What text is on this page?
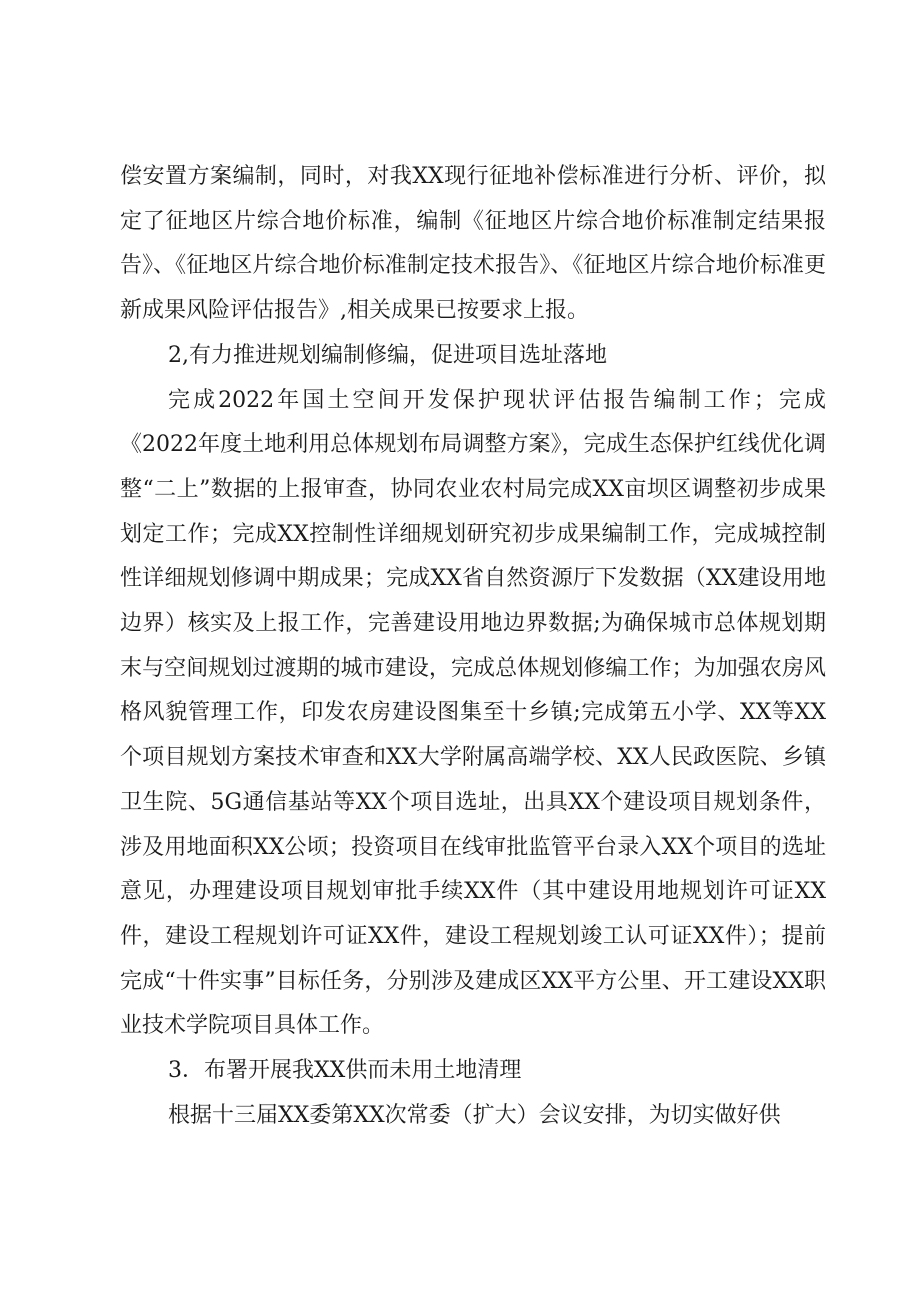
偿安置方案编制，同时，对我XX现行征地补偿标准进行分析、评价，拟定了征地区片综合地价标准，编制《征地区片综合地价标准制定结果报告》、《征地区片综合地价标准制定技术报告》、《征地区片综合地价标准更新成果风险评估报告》,相关成果已按要求上报。

2,有力推进规划编制修编，促进项目选址落地

完成2022年国土空间开发保护现状评估报告编制工作；完成《2022年度土地利用总体规划布局调整方案》，完成生态保护红线优化调整“二上”数据的上报审查，协同农业农村局完成XX亩坝区调整初步成果划定工作；完成XX控制性详细规划研究初步成果编制工作，完成城控制性详细规划修调中期成果；完成XX省自然资源厅下发数据（XX建设用地边界）核实及上报工作，完善建设用地边界数据;为确保城市总体规划期末与空间规划过渡期的城市建设，完成总体规划修编工作；为加强农房风格风貌管理工作，印发农房建设图集至十乡镇;完成第五小学、XX等XX个项目规划方案技术审查和XX大学附属高端学校、XX人民政医院、乡镇卫生院、5G通信基站等XX个项目选址，出具XX个建设项目规划条件，涉及用地面积XX公顷；投资项目在线审批监管平台录入XX个项目的选址意见，办理建设项目规划审批手续XX件（其中建设用地规划许可证XX件，建设工程规划许可证XX件，建设工程规划竣工认可证XX件）；提前完成“十件实事”目标任务，分别涉及建成区XX平方公里、开工建设XX职业技术学院项目具体工作。

3．布署开展我XX供而未用土地清理

根据十三届XX委第XX次常委（扩大）会议安排，为切实做好供
